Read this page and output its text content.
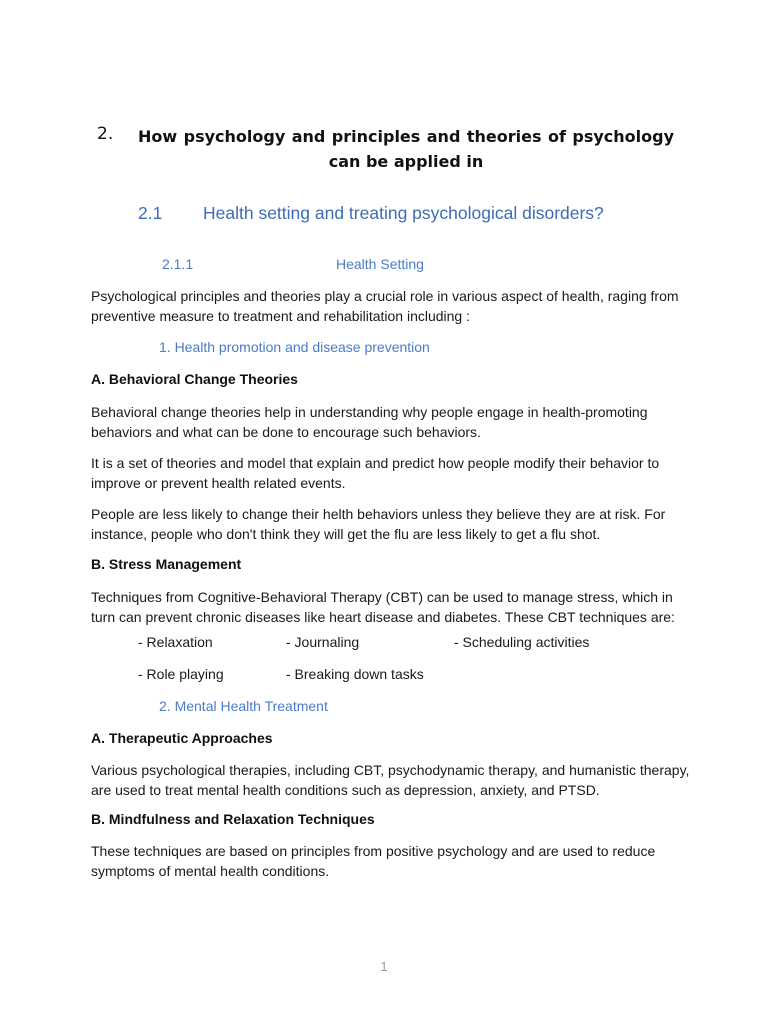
2. How psychology and principles and theories of psychology can be applied in
2.1 Health setting and treating psychological disorders?
2.1.1	Health Setting
Psychological principles and theories play a crucial role in various aspect of health, raging from preventive measure to treatment and rehabilitation including :
1. Health promotion and disease prevention
A. Behavioral Change Theories
Behavioral change theories help in understanding why people engage in health-promoting behaviors and what can be done to encourage such behaviors.
It is a set of theories and model that explain and predict how people modify their behavior to improve or prevent health related events.
People are less likely to change their helth behaviors unless they believe they are at risk. For instance, people who don't think they will get the flu are less likely to get a flu shot.
B. Stress Management
Techniques from Cognitive-Behavioral Therapy (CBT) can be used to manage stress, which in turn can prevent chronic diseases like heart disease and diabetes. These CBT techniques are:
- Relaxation	- Journaling	- Scheduling activities
- Role playing	- Breaking down tasks
2. Mental Health Treatment
A. Therapeutic Approaches
Various psychological therapies, including CBT, psychodynamic therapy, and humanistic therapy, are used to treat mental health conditions such as depression, anxiety, and PTSD.
B. Mindfulness and Relaxation Techniques
These techniques are based on principles from positive psychology and are used to reduce symptoms of mental health conditions.
1
